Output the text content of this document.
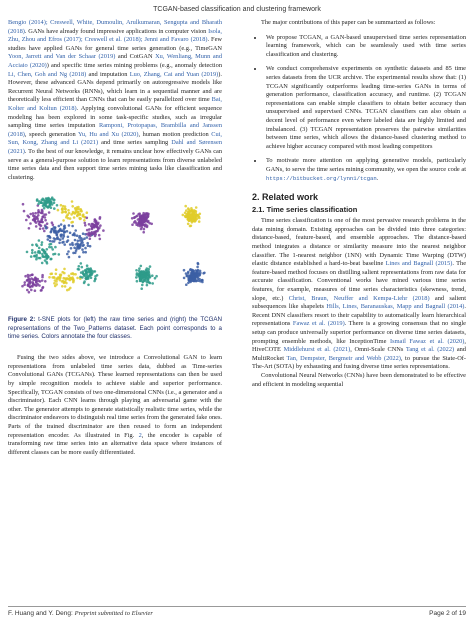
TCGAN-based classification and clustering framework

Bengio (2014); Creswell, White, Dumoulin, Arulkumaran, Sengupta and Bharath (2018). GANs have already found impressive applications in computer vision Isola, Zhu, Zhou and Efros (2017); Creswell et al. (2018); Jenni and Favaro (2018). Few studies have applied GANs for general time series generation (e.g., TimeGAN Yoon, Jarrett and Van der Schaar (2019) and CotGAN Xu, Wenliang, Munn and Acciaio (2020)) and specific time series mining problems (e.g., anomaly detection Li, Chen, Goh and Ng (2018) and imputation Luo, Zhang, Cai and Yuan (2019)). However, these advanced GANs depend primarily on autoregressive models like Recurrent Neural Networks (RNNs), which learn in a sequential manner and are theoretically less efficient than CNNs that can be easily parallelized over time Bai, Kolter and Koltun (2018). Applying convolutional GANs for efficient sequence modeling has been explored in some task-specific studies, such as irregular sampling time series imputation Ramponi, Protopapas, Brambilla and Janssen (2018), speech generation Yu, Hu and Xu (2020), human motion prediction Cui, Sun, Kong, Zhang and Li (2021) and time series sampling Dahl and Sørensen (2021). To the best of our knowledge, it remains unclear how effectively GANs can serve as a general-purpose solution to learn representations from diverse unlabeled time series data and then support time series mining tasks like classification and clustering.

Figure 2: t-SNE plots for (left) the raw time series and (right) the TCGAN representations of the Two_Patterns dataset. Each point corresponds to a time series. Colors annotate the four classes.

Fusing the two sides above, we introduce a Convolutional GAN to learn representations from unlabeled time series data, dubbed as Time-series Convolutional GANs (TCGANs). These learned representations can then be used by simple recognition models to achieve stable and superior performance. Specifically, TCGAN consists of two one-dimensional CNNs (i.e., a generator and a discriminator). Each CNN learns through playing an adversarial game with the other. The generator attempts to generate statistically realistic time series, while the discriminator endeavors to distinguish real time series from the generated fake ones. Parts of the trained discriminator are then reused to form an independent representation encoder. As illustrated in Fig. 2, the encoder is capable of transforming raw time series into an alternative data space where instances of different classes can be more easily differentiated.

The major contributions of this paper can be summarized as follows:

• We propose TCGAN, a GAN-based unsupervised time series representation learning framework, which can be seamlessly used with time series classification and clustering.
• We conduct comprehensive experiments on synthetic datasets and 85 time series datasets from the UCR archive. The experimental results show that: (1) TCGAN significantly outperforms leading time-series GANs in terms of generation performance, classification accuracy, and runtime. (2) TCGAN representations can enable simple classifiers to obtain better accuracy than unsupervised and supervised CNNs. TCGAN classifiers can also obtain a decent level of performance even where labeled data are highly limited and imbalanced. (3) TCGAN representation preserves the pairwise similarities between time series, which allows the distance-based clustering method to achieve higher accuracy compared with most leading competitors
• To motivate more attention on applying generative models, particularly GANs, to serve the time series mining community, we open the source code at https://bitbucket.org/lynn1/tcgan.
2. Related work
2.1. Time series classification

Time series classification is one of the most pervasive research problems in the data mining domain. Existing approaches can be divided into three categories: distance-based, feature-based, and ensemble approaches. The distance-based method integrates a distance or similarity measure into the nearest neighbor classifier. The 1-nearest neighbor (1NN) with Dynamic Time Warping (DTW) elastic distance established a hard-to-beat baseline Lines and Bagnall (2015). The feature-based method focuses on distilling salient representations from raw data for accurate classification. Conventional works have mined various time series features, for example, measures of time series characteristics (skewness, trend, slope, etc.) Christ, Braun, Neuffer and Kempa-Liehr (2018) and salient subsequences like shapelets Hills, Lines, Baranauskas, Mapp and Bagnall (2014). Recent DNN classifiers resort to their capability to automatically learn hierarchical representations Fawaz et al. (2019). There is a growing consensus that no single setup can produce universally superior performance on diverse time series datasets, prompting ensemble methods, like InceptionTime Ismail Fawaz et al. (2020), HiveCOTE Middlehurst et al. (2021), Omni-Scale CNNs Tang et al. (2022) and MultiRocket Tan, Dempster, Bergmeir and Webb (2022), to pursue the State-Of-The-Art (SOTA) by exhausting and fusing diverse time series representations.

Convolutional Neural Networks (CNNs) have been demonstrated to be effective and efficient in modeling sequential

F. Huang and Y. Deng: Preprint submitted to Elsevier	Page 2 of 19
